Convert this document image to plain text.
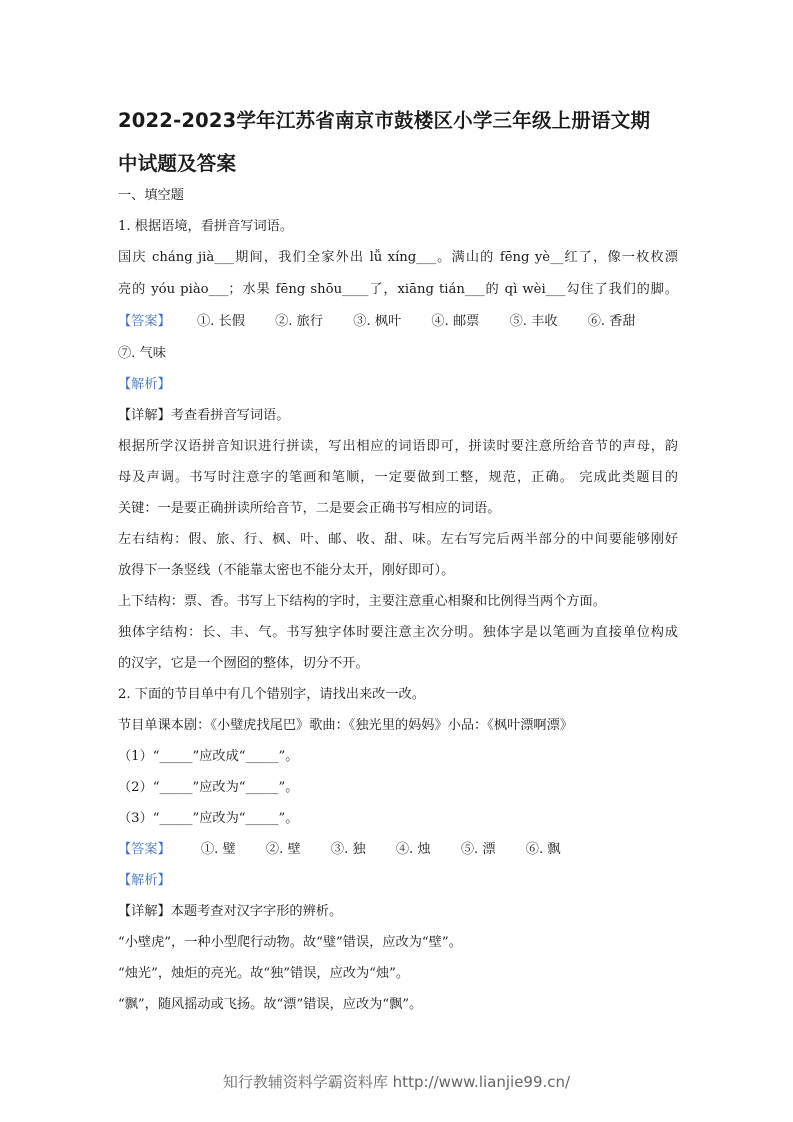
2022-2023学年江苏省南京市鼓楼区小学三年级上册语文期
中试题及答案
一、填空题
1. 根据语境，看拼音写词语。
国庆 cháng jià___期间，我们全家外出 lǚ xíng___。满山的 fēng yè__红了，像一枚枚漂
亮的 yóu piào___；水果 fēng shōu____了，xiāng tián___的 qì wèi___勾住了我们的脚。
【答案】 ①. 长假 ②. 旅行 ③. 枫叶 ④. 邮票 ⑤. 丰收 ⑥. 香甜
⑦. 气味
【解析】
【详解】考查看拼音写词语。
根据所学汉语拼音知识进行拼读，写出相应的词语即可，拼读时要注意所给音节的声母，韵
母及声调。书写时注意字的笔画和笔顺，一定要做到工整，规范，正确。 完成此类题目的
关键：一是要正确拼读所给音节，二是要会正确书写相应的词语。
左右结构：假、旅、行、枫、叶、邮、收、甜、味。左右写完后两半部分的中间要能够刚好
放得下一条竖线（不能靠太密也不能分太开，刚好即可）。
上下结构：票、香。书写上下结构的字时，主要注意重心相聚和比例得当两个方面。
独体字结构：长、丰、气。书写独字体时要注意主次分明。独体字是以笔画为直接单位构成
的汉字，它是一个囫囵的整体，切分不开。
2. 下面的节目单中有几个错别字，请找出来改一改。
节目单课本剧：《小璧虎找尾巴》歌曲：《独光里的妈妈》小品：《枫叶漂啊漂》
（1）“_____”应改成“_____”。
（2）“_____”应改为“_____”。
（3）“_____”应改为“_____”。
【答案】 ①. 璧 ②. 壁 ③. 独 ④. 烛 ⑤. 漂 ⑥. 飘
【解析】
【详解】本题考查对汉字字形的辨析。
“小壁虎”，一种小型爬行动物。故“璧”错误，应改为“壁”。
“烛光”，烛炬的亮光。故“独”错误，应改为“烛”。
“飘”，随风摇动或飞扬。故“漂”错误，应改为“飘”。
知行教辅资料学霸资料库 http://www.lianjie99.cn/
